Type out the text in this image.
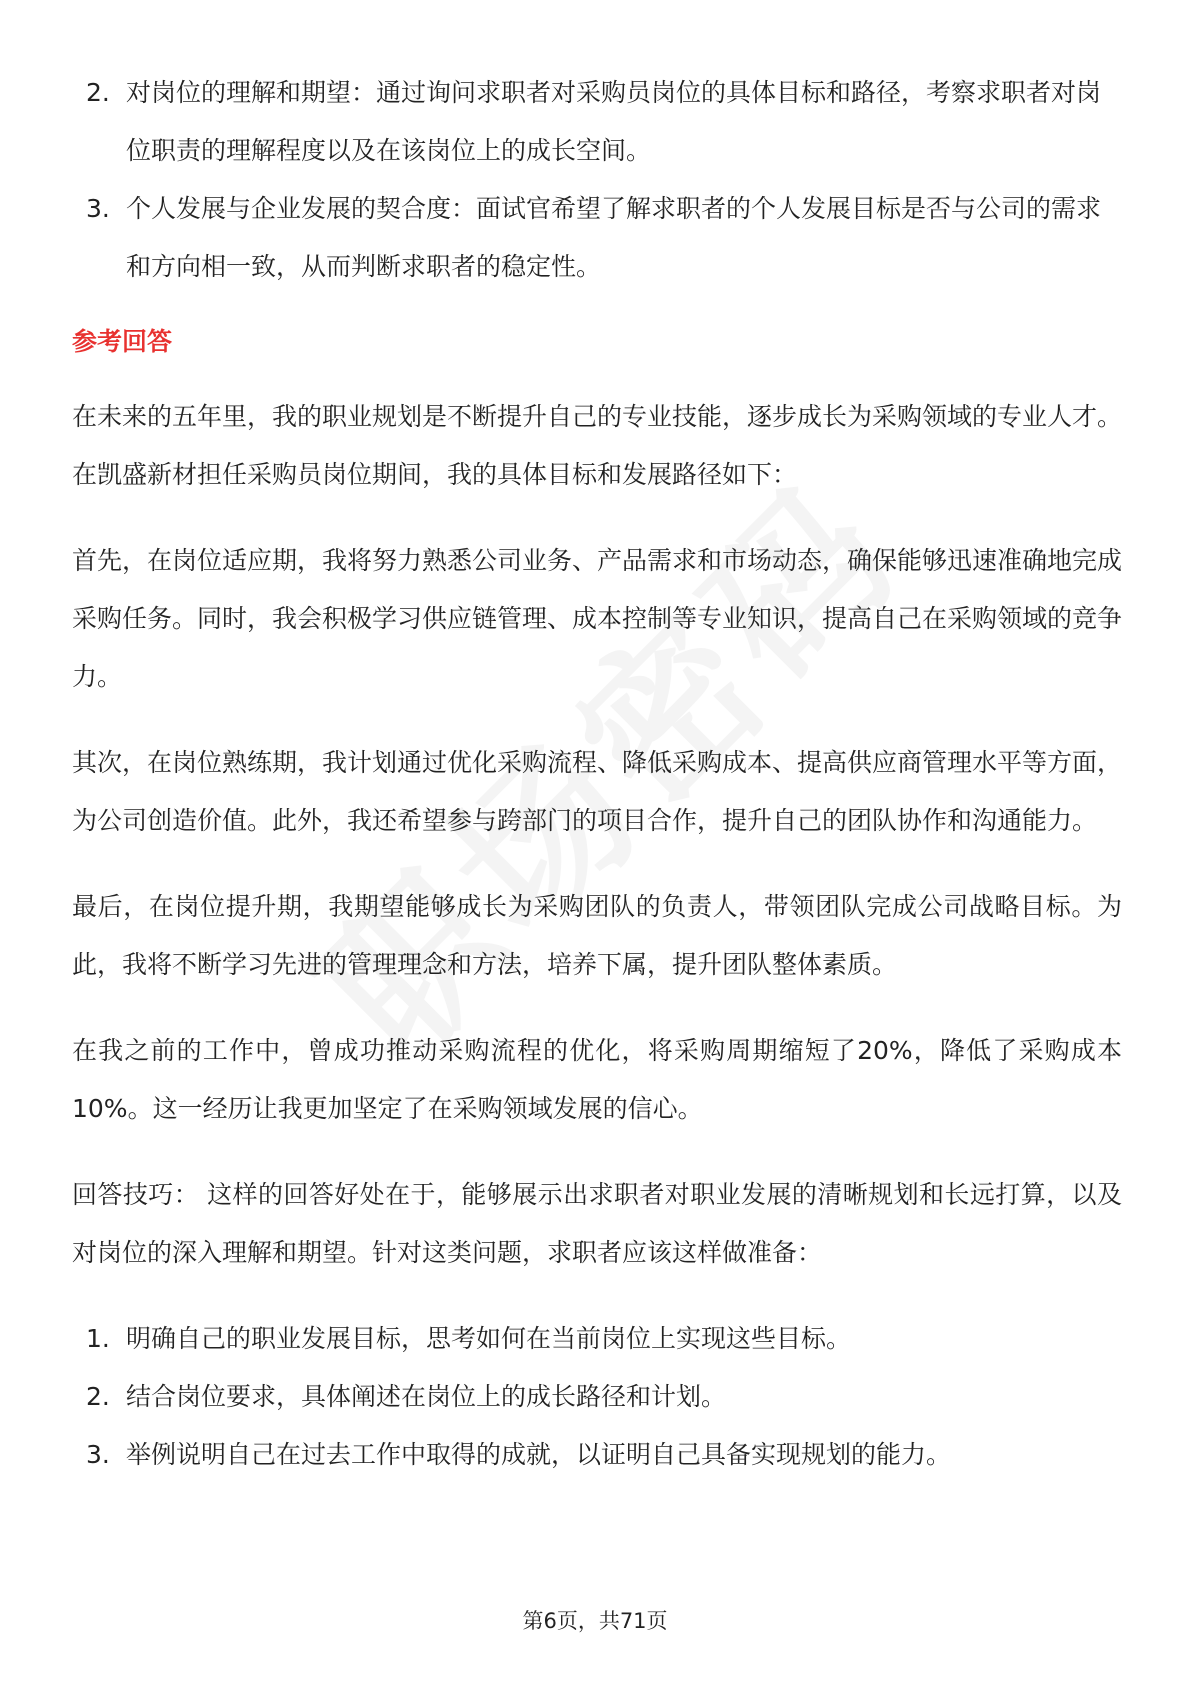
2. 对岗位的理解和期望：通过询问求职者对采购员岗位的具体目标和路径，考察求职者对岗位职责的理解程度以及在该岗位上的成长空间。
3. 个人发展与企业发展的契合度：面试官希望了解求职者的个人发展目标是否与公司的需求和方向相一致，从而判断求职者的稳定性。
参考回答

在未来的五年里，我的职业规划是不断提升自己的专业技能，逐步成长为采购领域的专业人才。在凯盛新材担任采购员岗位期间，我的具体目标和发展路径如下：

首先，在岗位适应期，我将努力熟悉公司业务、产品需求和市场动态，确保能够迅速准确地完成采购任务。同时，我会积极学习供应链管理、成本控制等专业知识，提高自己在采购领域的竞争力。

其次，在岗位熟练期，我计划通过优化采购流程、降低采购成本、提高供应商管理水平等方面，为公司创造价值。此外，我还希望参与跨部门的项目合作，提升自己的团队协作和沟通能力。

最后，在岗位提升期，我期望能够成长为采购团队的负责人，带领团队完成公司战略目标。为此，我将不断学习先进的管理理念和方法，培养下属，提升团队整体素质。

在我之前的工作中，曾成功推动采购流程的优化，将采购周期缩短了20%，降低了采购成本10%。这一经历让我更加坚定了在采购领域发展的信心。

回答技巧： 这样的回答好处在于，能够展示出求职者对职业发展的清晰规划和长远打算，以及对岗位的深入理解和期望。针对这类问题，求职者应该这样做准备：

1. 明确自己的职业发展目标，思考如何在当前岗位上实现这些目标。
2. 结合岗位要求，具体阐述在岗位上的成长路径和计划。
3. 举例说明自己在过去工作中取得的成就，以证明自己具备实现规划的能力。
第6页，共71页
